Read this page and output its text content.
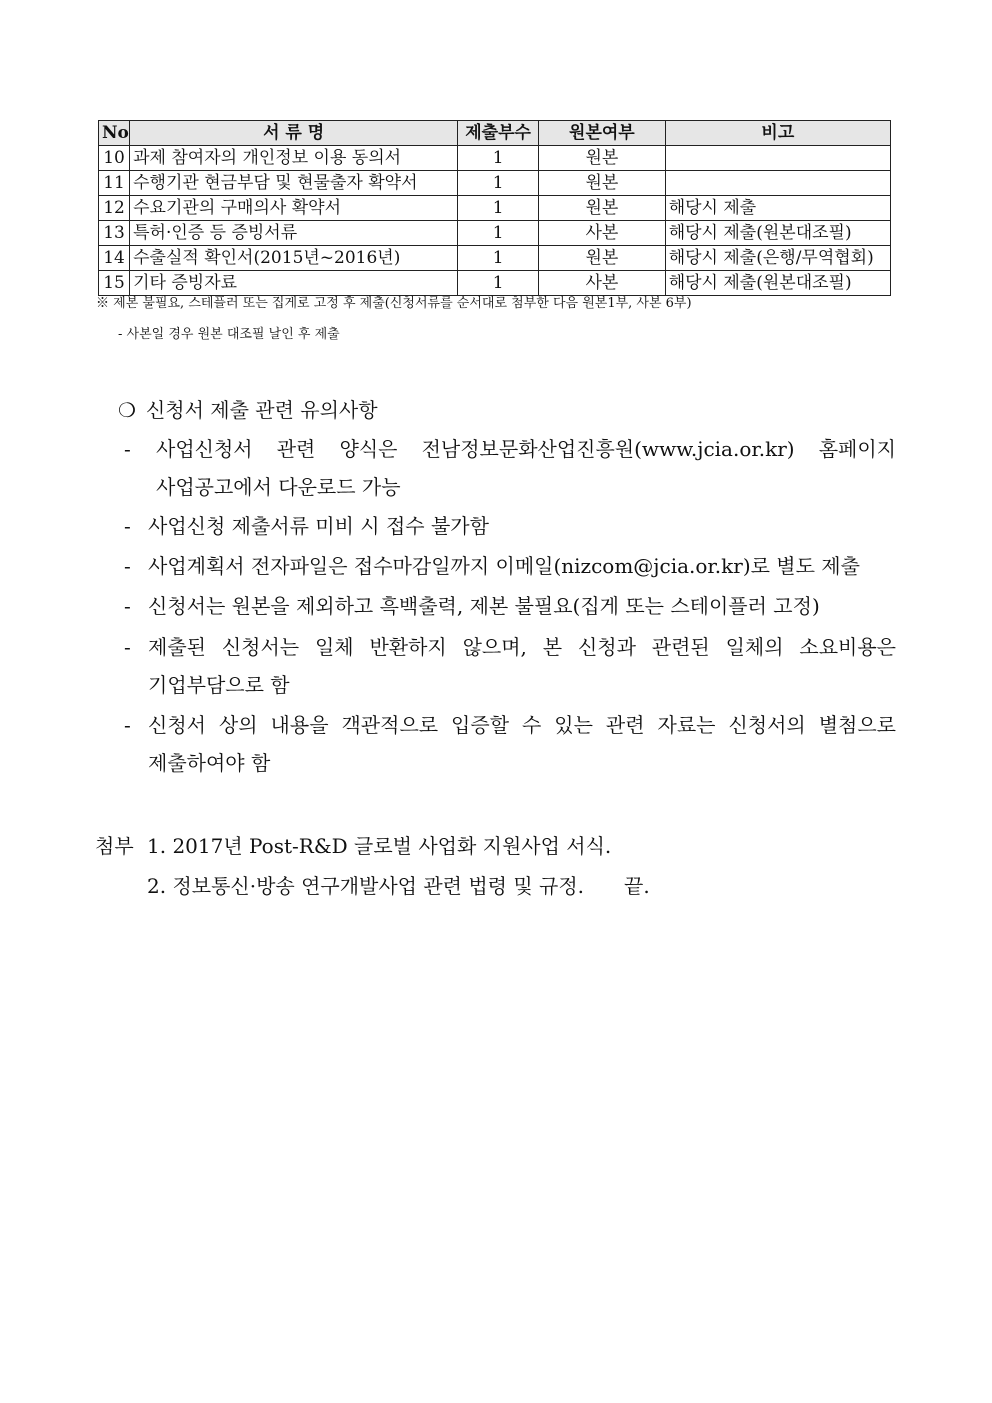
No	서 류 명	제출부수	원본여부	비고
10	과제 참여자의 개인정보 이용 동의서	1	원본	
11	수행기관 현금부담 및 현물출자 확약서	1	원본	
12	수요기관의 구매의사 확약서	1	원본	해당시 제출
13	특허·인증 등 증빙서류	1	사본	해당시 제출(원본대조필)
14	수출실적 확인서(2015년~2016년)	1	원본	해당시 제출(은행/무역협회)
15	기타 증빙자료	1	사본	해당시 제출(원본대조필)
※ 제본 불필요, 스테플러 또는 집게로 고정 후 제출(신청서류를 순서대로 첨부한 다음 원본1부, 사본 6부)
- 사본일 경우 원본 대조필 날인 후 제출
❍ 신청서 제출 관련 유의사항
- 사업신청서 관련 양식은 전남정보문화산업진흥원(www.jcia.or.kr) 홈페이지
사업공고에서 다운로드 가능
- 사업신청 제출서류 미비 시 접수 불가함
- 사업계획서 전자파일은 접수마감일까지 이메일(nizcom@jcia.or.kr)로 별도 제출
- 신청서는 원본을 제외하고 흑백출력, 제본 불필요(집게 또는 스테이플러 고정)
- 제출된 신청서는 일체 반환하지 않으며, 본 신청과 관련된 일체의 소요비용은
기업부담으로 함
- 신청서 상의 내용을 객관적으로 입증할 수 있는 관련 자료는 신청서의 별첨으로
제출하여야 함
첨부 1. 2017년 Post-R&D 글로벌 사업화 지원사업 서식.
2. 정보통신·방송 연구개발사업 관련 법령 및 규정. 끝.
